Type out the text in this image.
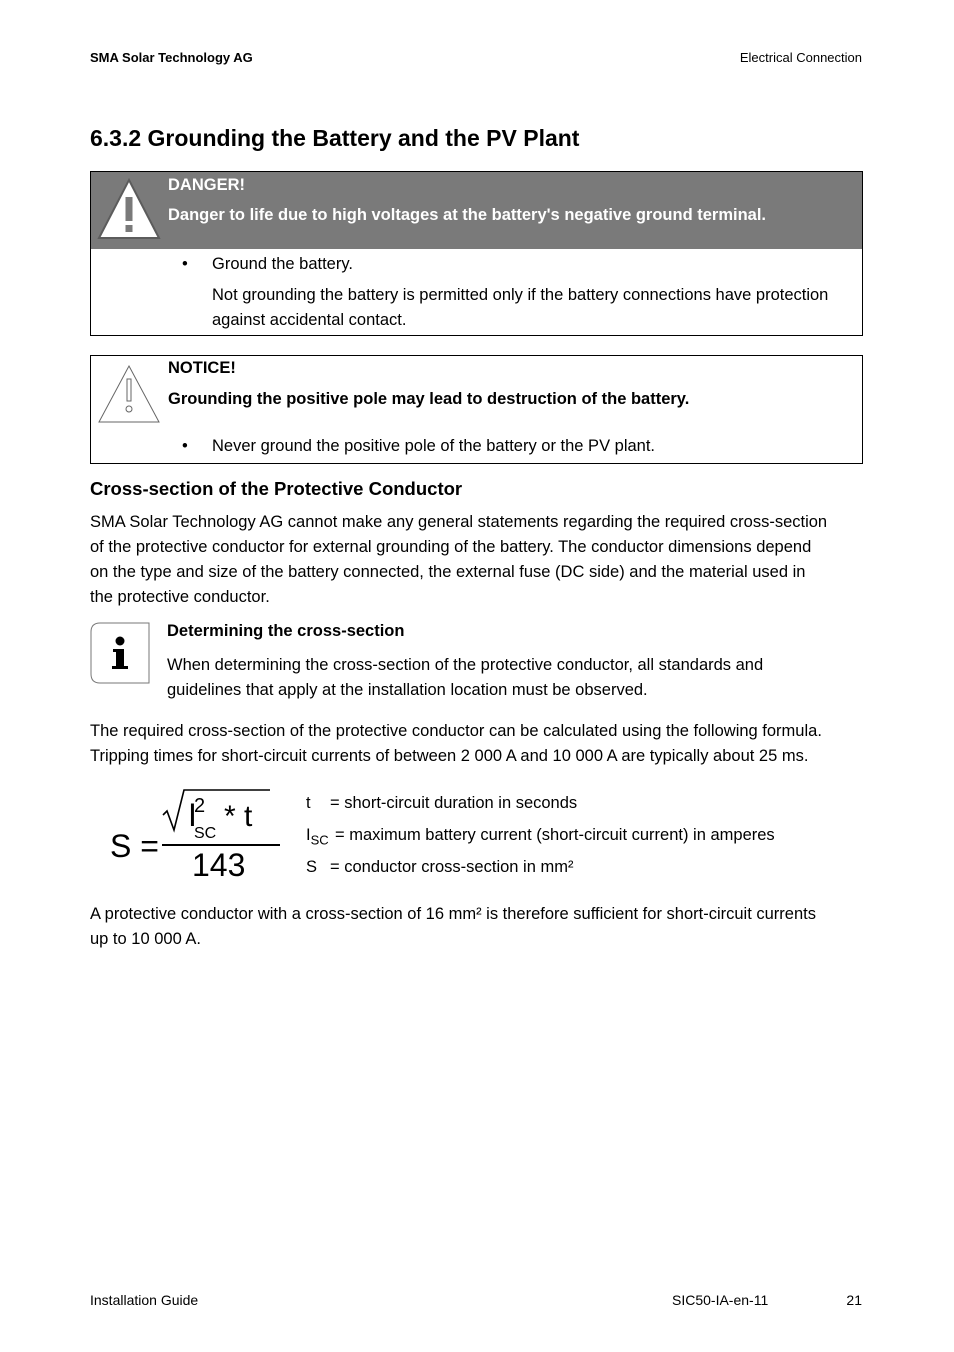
SMA Solar Technology AG	Electrical Connection
6.3.2 Grounding the Battery and the PV Plant
DANGER!
Danger to life due to high voltages at the battery's negative ground terminal.
• Ground the battery.
Not grounding the battery is permitted only if the battery connections have protection
against accidental contact.
NOTICE!
Grounding the positive pole may lead to destruction of the battery.
• Never ground the positive pole of the battery or the PV plant.
Cross-section of the Protective Conductor
SMA Solar Technology AG cannot make any general statements regarding the required cross-section
of the protective conductor for external grounding of the battery. The conductor dimensions depend
on the type and size of the battery connected, the external fuse (DC side) and the material used in
the protective conductor.
Determining the cross-section
When determining the cross-section of the protective conductor, all standards and
guidelines that apply at the installation location must be observed.
The required cross-section of the protective conductor can be calculated using the following formula.
Tripping times for short-circuit currents of between 2 000 A and 10 000 A are typically about 25 ms.
S =
I
2
SC
* t
143
t = short-circuit duration in seconds
$I_{SC}$ = maximum battery current (short-circuit current) in amperes
S = conductor cross-section in mm²
A protective conductor with a cross-section of 16 mm² is therefore sufficient for short-circuit currents
up to 10 000 A.
Installation Guide	SIC50-IA-en-11	21
